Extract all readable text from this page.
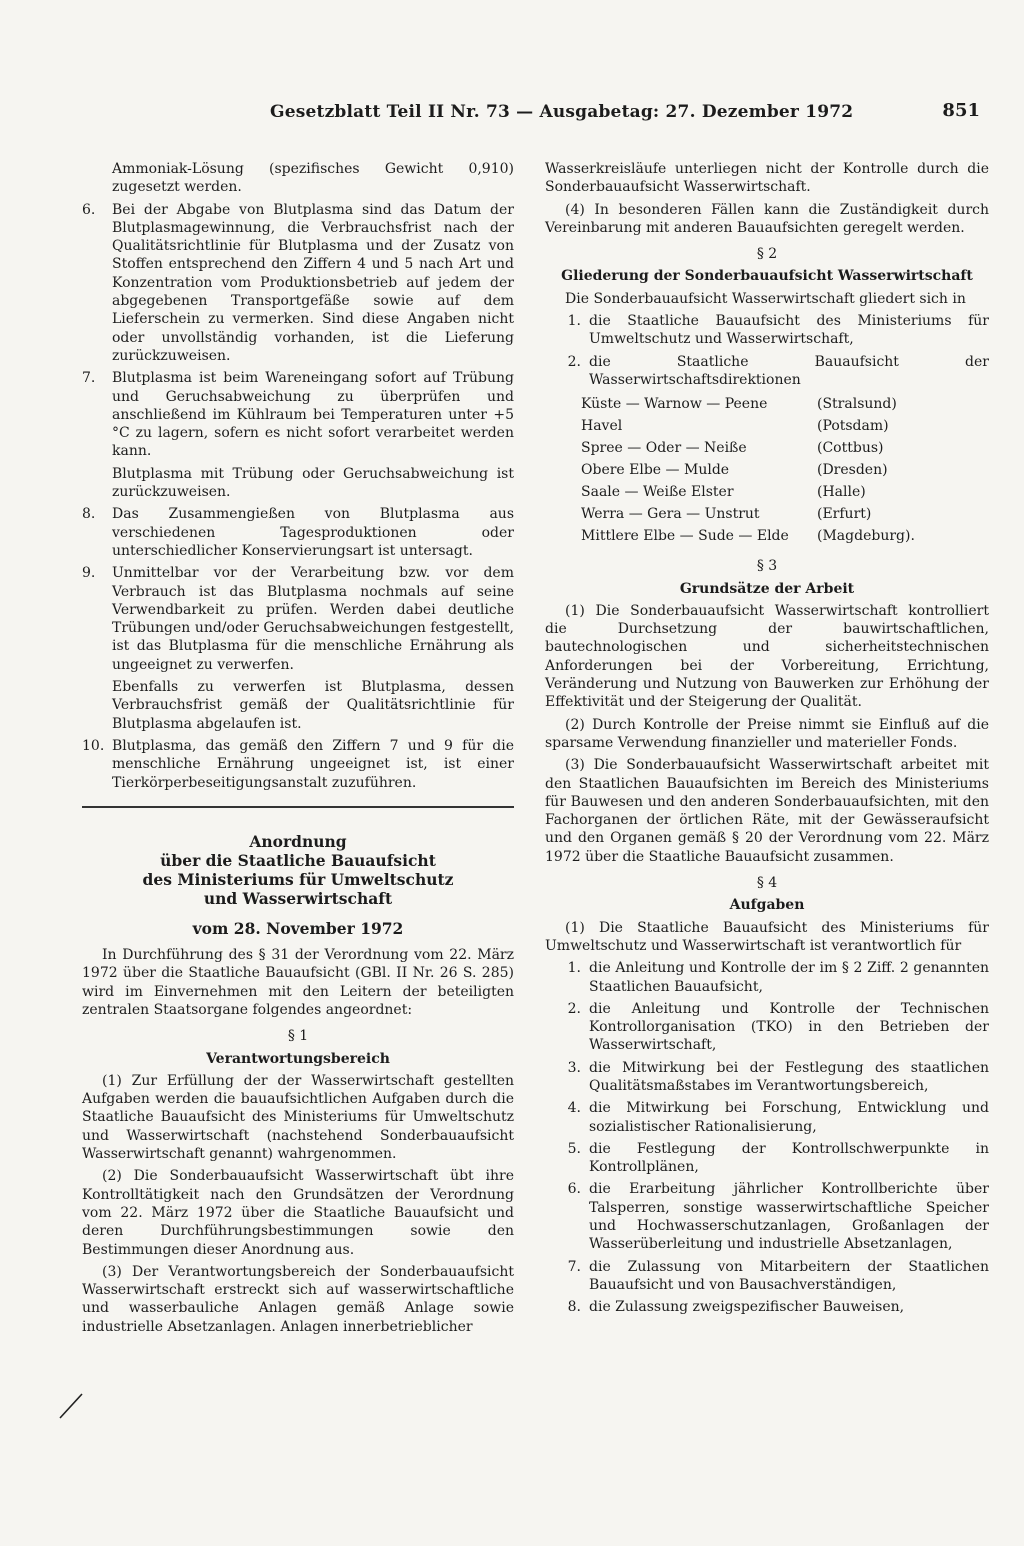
Gesetzblatt Teil II Nr. 73 — Ausgabetag: 27. Dezember 1972	851

Ammoniak-Lösung (spezifisches Gewicht 0,910) zugesetzt werden.

6.	Bei der Abgabe von Blutplasma sind das Datum der Blutplasmagewinnung, die Verbrauchsfrist nach der Qualitätsrichtlinie für Blutplasma und der Zusatz von Stoffen entsprechend den Ziffern 4 und 5 nach Art und Konzentration vom Produktionsbetrieb auf jedem der abgegebenen Transportgefäße sowie auf dem Lieferschein zu vermerken. Sind diese Angaben nicht oder unvollständig vorhanden, ist die Lieferung zurückzuweisen.
7.	Blutplasma ist beim Wareneingang sofort auf Trübung und Geruchsabweichung zu überprüfen und anschließend im Kühlraum bei Temperaturen unter +5 °C zu lagern, sofern es nicht sofort verarbeitet werden kann.

Blutplasma mit Trübung oder Geruchsabweichung ist zurückzuweisen.

8.	Das Zusammengießen von Blutplasma aus verschiedenen Tagesproduktionen oder unterschiedlicher Konservierungsart ist untersagt.
9.	Unmittelbar vor der Verarbeitung bzw. vor dem Verbrauch ist das Blutplasma nochmals auf seine Verwendbarkeit zu prüfen. Werden dabei deutliche Trübungen und/oder Geruchsabweichungen festgestellt, ist das Blutplasma für die menschliche Ernährung als ungeeignet zu verwerfen.

Ebenfalls zu verwerfen ist Blutplasma, dessen Verbrauchsfrist gemäß der Qualitätsrichtlinie für Blutplasma abgelaufen ist.

10. Blutplasma, das gemäß den Ziffern 7 und 9 für die menschliche Ernährung ungeeignet ist, ist einer Tierkörperbeseitigungsanstalt zuzuführen.
Anordnung
über die Staatliche Bauaufsicht
des Ministeriums für Umweltschutz
und Wasserwirtschaft
vom 28. November 1972

In Durchführung des § 31 der Verordnung vom 22. März 1972 über die Staatliche Bauaufsicht (GBl. II Nr. 26 S. 285) wird im Einvernehmen mit den Leitern der beteiligten zentralen Staatsorgane folgendes angeordnet:

§ 1
Verantwortungsbereich

(1) Zur Erfüllung der der Wasserwirtschaft gestellten Aufgaben werden die bauaufsichtlichen Aufgaben durch die Staatliche Bauaufsicht des Ministeriums für Umweltschutz und Wasserwirtschaft (nachstehend Sonderbauaufsicht Wasserwirtschaft genannt) wahrgenommen.

(2) Die Sonderbauaufsicht Wasserwirtschaft übt ihre Kontrolltätigkeit nach den Grundsätzen der Verordnung vom 22. März 1972 über die Staatliche Bauaufsicht und deren Durchführungsbestimmungen sowie den Bestimmungen dieser Anordnung aus.

(3) Der Verantwortungsbereich der Sonderbauaufsicht Wasserwirtschaft erstreckt sich auf wasserwirtschaftliche und wasserbauliche Anlagen gemäß Anlage sowie industrielle Absetzanlagen. Anlagen innerbetrieblicher

Wasserkreisläufe unterliegen nicht der Kontrolle durch die Sonderbauaufsicht Wasserwirtschaft.

(4) In besonderen Fällen kann die Zuständigkeit durch Vereinbarung mit anderen Bauaufsichten geregelt werden.

§ 2
Gliederung der Sonderbauaufsicht Wasserwirtschaft

Die Sonderbauaufsicht Wasserwirtschaft gliedert sich in

1. die Staatliche Bauaufsicht des Ministeriums für Umweltschutz und Wasserwirtschaft,
2. die Staatliche Bauaufsicht der Wasserwirtschaftsdirektionen
Küste — Warnow — Peene	(Stralsund)
Havel	(Potsdam)
Spree — Oder — Neiße	(Cottbus)
Obere Elbe — Mulde	(Dresden)
Saale — Weiße Elster	(Halle)
Werra — Gera — Unstrut	(Erfurt)
Mittlere Elbe — Sude — Elde	(Magdeburg).
§ 3
Grundsätze der Arbeit

(1) Die Sonderbauaufsicht Wasserwirtschaft kontrolliert die Durchsetzung der bauwirtschaftlichen, bautechnologischen und sicherheitstechnischen Anforderungen bei der Vorbereitung, Errichtung, Veränderung und Nutzung von Bauwerken zur Erhöhung der Effektivität und der Steigerung der Qualität.

(2) Durch Kontrolle der Preise nimmt sie Einfluß auf die sparsame Verwendung finanzieller und materieller Fonds.

(3) Die Sonderbauaufsicht Wasserwirtschaft arbeitet mit den Staatlichen Bauaufsichten im Bereich des Ministeriums für Bauwesen und den anderen Sonderbauaufsichten, mit den Fachorganen der örtlichen Räte, mit der Gewässeraufsicht und den Organen gemäß § 20 der Verordnung vom 22. März 1972 über die Staatliche Bauaufsicht zusammen.

§ 4
Aufgaben

(1) Die Staatliche Bauaufsicht des Ministeriums für Umweltschutz und Wasserwirtschaft ist verantwortlich für

1. die Anleitung und Kontrolle der im § 2 Ziff. 2 genannten Staatlichen Bauaufsicht,
2. die Anleitung und Kontrolle der Technischen Kontrollorganisation (TKO) in den Betrieben der Wasserwirtschaft,
3. die Mitwirkung bei der Festlegung des staatlichen Qualitätsmaßstabes im Verantwortungsbereich,
4. die Mitwirkung bei Forschung, Entwicklung und sozialistischer Rationalisierung,
5. die Festlegung der Kontrollschwerpunkte in Kontrollplänen,
6. die Erarbeitung jährlicher Kontrollberichte über Talsperren, sonstige wasserwirtschaftliche Speicher und Hochwasserschutzanlagen, Großanlagen der Wasserüberleitung und industrielle Absetzanlagen,
7. die Zulassung von Mitarbeitern der Staatlichen Bauaufsicht und von Bausachverständigen,
8. die Zulassung zweigspezifischer Bauweisen,
